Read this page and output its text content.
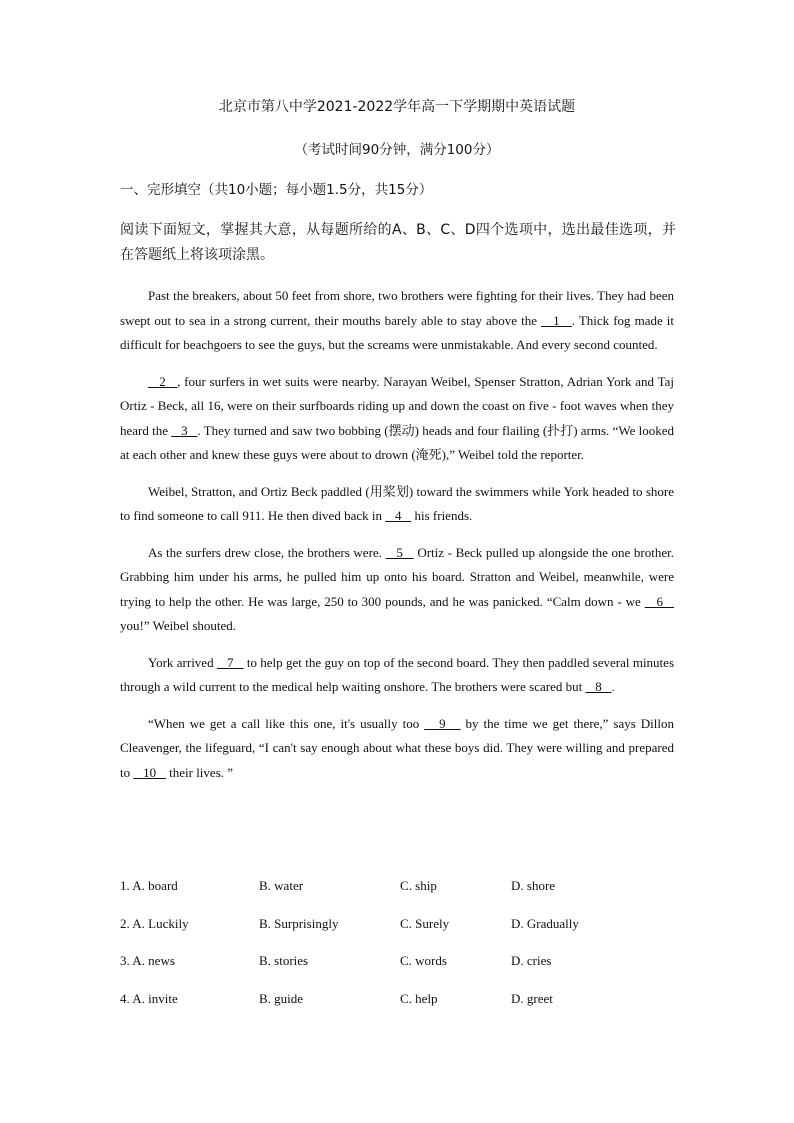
北京市第八中学2021-2022学年高一下学期期中英语试题
（考试时间90分钟，满分100分）
一、完形填空（共10小题；每小题1.5分，共15分）
阅读下面短文，掌握其大意，从每题所给的A、B、C、D四个选项中，选出最佳选项，并在答题纸上将该项涂黑。

Past the breakers, about 50 feet from shore, two brothers were fighting for their lives. They had been swept out to sea in a strong current, their mouths barely able to stay above the    1   . Thick fog made it difficult for beachgoers to see the guys, but the screams were unmistakable. And every second counted.

2   , four surfers in wet suits were nearby. Narayan Weibel, Spenser Stratton, Adrian York and Taj Ortiz - Beck, all 16, were on their surfboards riding up and down the coast on five - foot waves when they heard the    3   . They turned and saw two bobbing (摆动) heads and four flailing (扑打) arms. “We looked at each other and knew these guys were about to drown (淹死),” Weibel told the reporter.

Weibel, Stratton, and Ortiz Beck paddled (用桨划) toward the swimmers while York headed to shore to find someone to call 911. He then dived back in    4    his friends.

As the surfers drew close, the brothers were.    5    Ortiz - Beck pulled up alongside the one brother. Grabbing him under his arms, he pulled him up onto his board. Stratton and Weibel, meanwhile, were trying to help the other. He was large, 250 to 300 pounds, and he was panicked. “Calm down - we    6    you!” Weibel shouted.

York arrived    7    to help get the guy on top of the second board. They then paddled several minutes through a wild current to the medical help waiting onshore. The brothers were scared but    8   .

“When we get a call like this one, it's usually too    9    by the time we get there,” says Dillon Cleavenger, the lifeguard, “I can't say enough about what these boys did. They were willing and prepared to    10    their lives. ”

1. A. board	B. water	C. ship	D. shore
2. A. Luckily	B. Surprisingly	C. Surely	D. Gradually
3. A. news	B. stories	C. words	D. cries
4. A. invite	B. guide	C. help	D. greet
